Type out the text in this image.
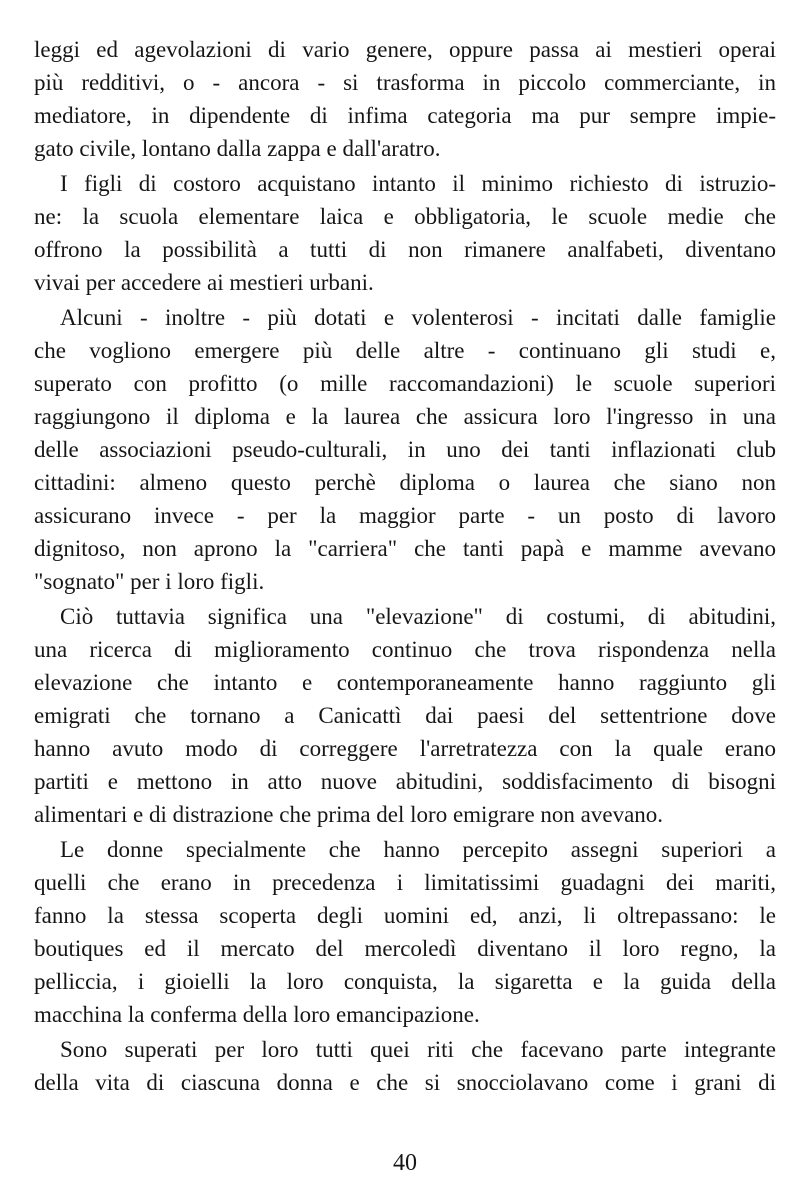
leggi ed agevolazioni di vario genere, oppure passa ai mestieri operai
più redditivi, o - ancora - si trasforma in piccolo commerciante, in
mediatore, in dipendente di infima categoria ma pur sempre impie-
gato civile, lontano dalla zappa e dall'aratro.

I figli di costoro acquistano intanto il minimo richiesto di istruzio-
ne: la scuola elementare laica e obbligatoria, le scuole medie che
offrono la possibilità a tutti di non rimanere analfabeti, diventano
vivai per accedere ai mestieri urbani.

Alcuni - inoltre - più dotati e volenterosi - incitati dalle famiglie
che vogliono emergere più delle altre - continuano gli studi e,
superato con profitto (o mille raccomandazioni) le scuole superiori
raggiungono il diploma e la laurea che assicura loro l'ingresso in una
delle associazioni pseudo-culturali, in uno dei tanti inflazionati club
cittadini: almeno questo perchè diploma o laurea che siano non
assicurano invece - per la maggior parte - un posto di lavoro
dignitoso, non aprono la "carriera" che tanti papà e mamme avevano
"sognato" per i loro figli.

Ciò tuttavia significa una "elevazione" di costumi, di abitudini,
una ricerca di miglioramento continuo che trova rispondenza nella
elevazione che intanto e contemporaneamente hanno raggiunto gli
emigrati che tornano a Canicattì dai paesi del settentrione dove
hanno avuto modo di correggere l'arretratezza con la quale erano
partiti e mettono in atto nuove abitudini, soddisfacimento di bisogni
alimentari e di distrazione che prima del loro emigrare non avevano.

Le donne specialmente che hanno percepito assegni superiori a
quelli che erano in precedenza i limitatissimi guadagni dei mariti,
fanno la stessa scoperta degli uomini ed, anzi, li oltrepassano: le
boutiques ed il mercato del mercoledì diventano il loro regno, la
pelliccia, i gioielli la loro conquista, la sigaretta e la guida della
macchina la conferma della loro emancipazione.

Sono superati per loro tutti quei riti che facevano parte integrante
della vita di ciascuna donna e che si snocciolavano come i grani di

40
